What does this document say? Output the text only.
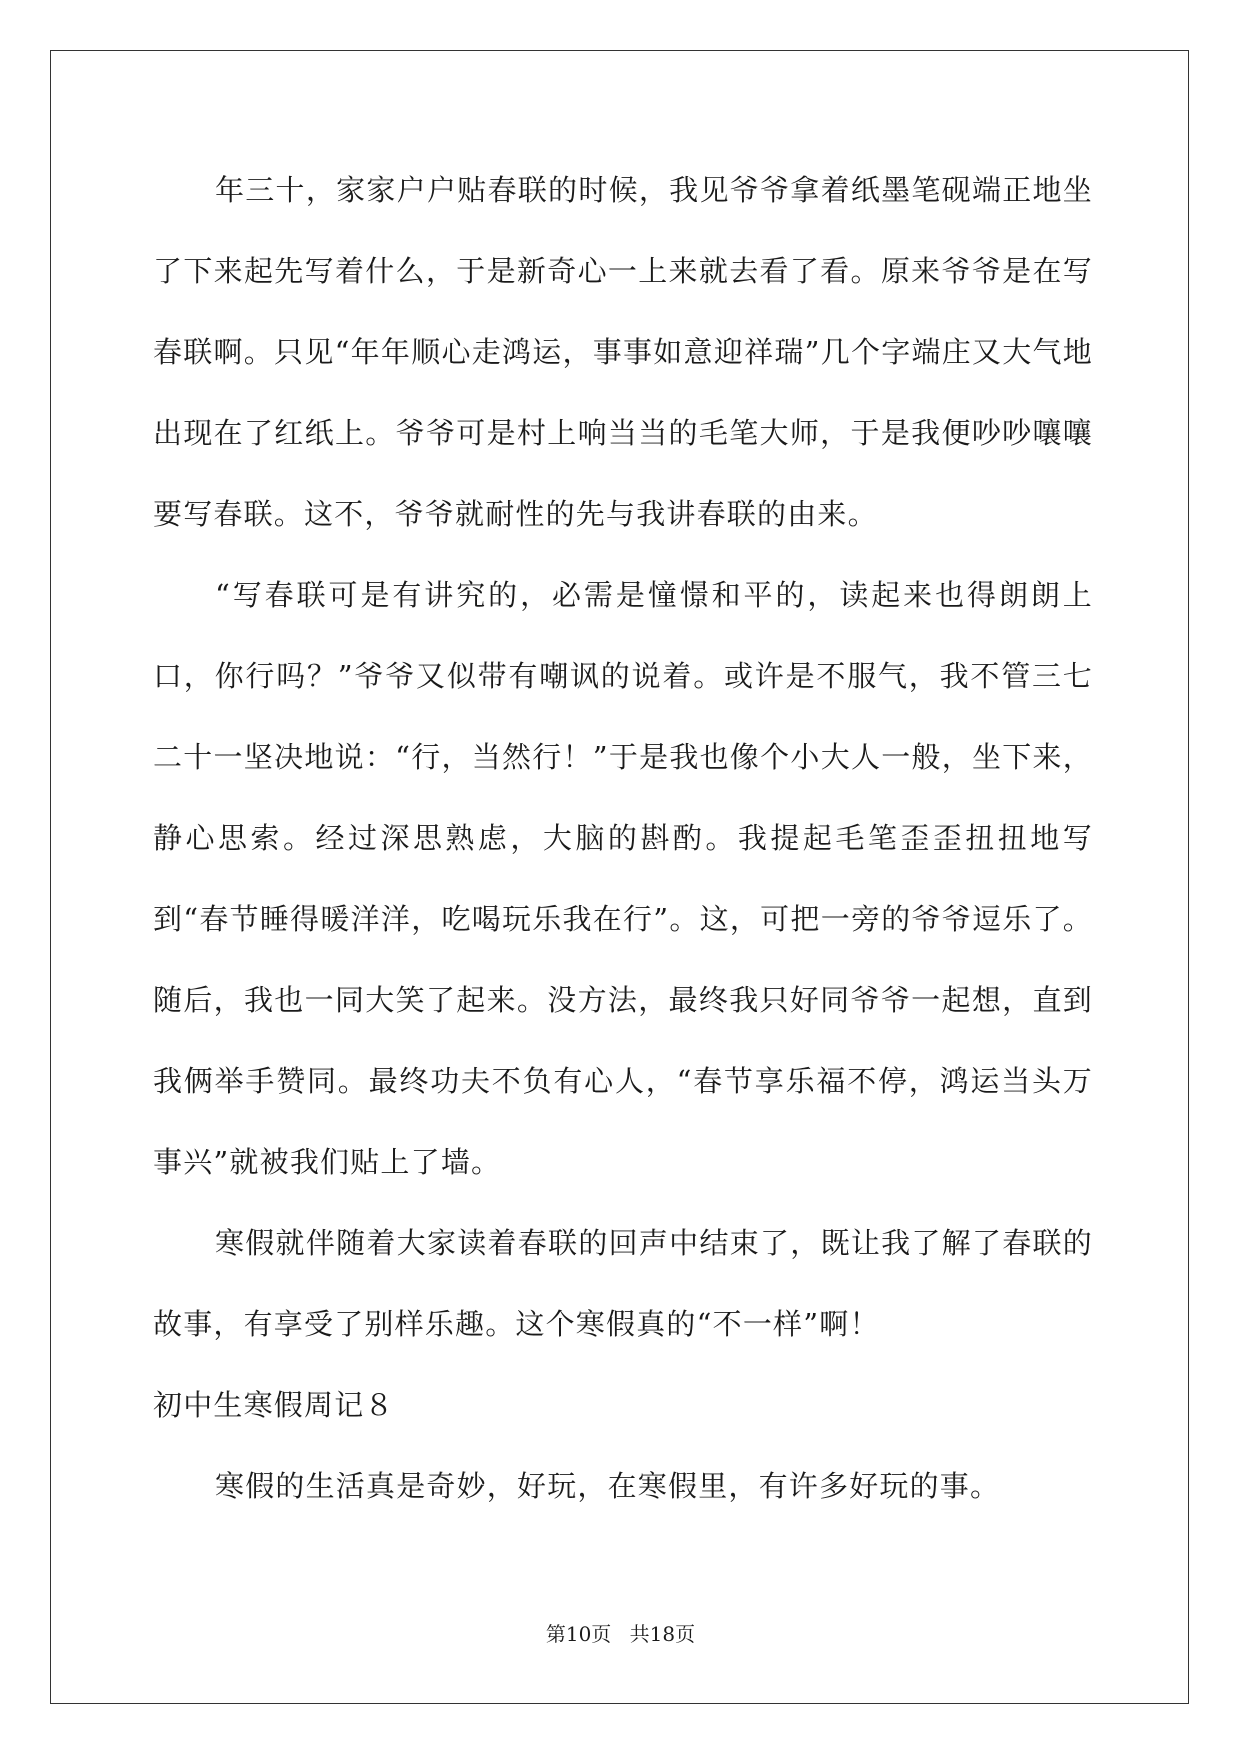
年三十，家家户户贴春联的时候，我见爷爷拿着纸墨笔砚端正地坐了下来起先写着什么，于是新奇心一上来就去看了看。原来爷爷是在写春联啊。只见“年年顺心走鸿运，事事如意迎祥瑞”几个字端庄又大气地出现在了红纸上。爷爷可是村上响当当的毛笔大师，于是我便吵吵嚷嚷要写春联。这不，爷爷就耐性的先与我讲春联的由来。

“写春联可是有讲究的，必需是憧憬和平的，读起来也得朗朗上口，你行吗？”爷爷又似带有嘲讽的说着。或许是不服气，我不管三七二十一坚决地说：“行，当然行！”于是我也像个小大人一般，坐下来，静心思索。经过深思熟虑，大脑的斟酌。我提起毛笔歪歪扭扭地写到“春节睡得暖洋洋，吃喝玩乐我在行”。这，可把一旁的爷爷逗乐了。随后，我也一同大笑了起来。没方法，最终我只好同爷爷一起想，直到我俩举手赞同。最终功夫不负有心人，“春节享乐福不停，鸿运当头万事兴”就被我们贴上了墙。

寒假就伴随着大家读着春联的回声中结束了，既让我了解了春联的故事，有享受了别样乐趣。这个寒假真的“不一样”啊！

初中生寒假周记８

寒假的生活真是奇妙，好玩，在寒假里，有许多好玩的事。

第10页 共18页
